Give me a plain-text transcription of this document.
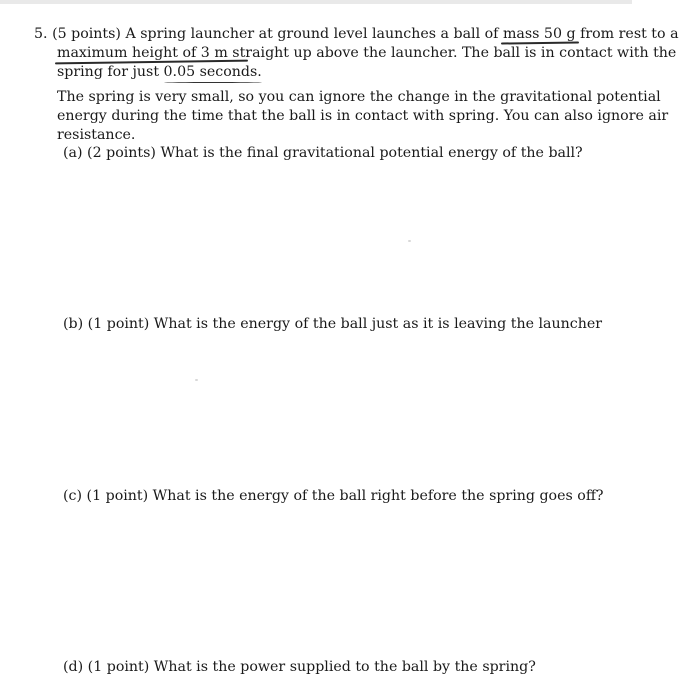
5. (5 points) A spring launcher at ground level launches a ball of mass 50 g from rest to a
maximum height of 3 m straight up above the launcher. The ball is in contact with the
spring for just 0.05 seconds.
The spring is very small, so you can ignore the change in the gravitational potential
energy during the time that the ball is in contact with spring. You can also ignore air
resistance.
(a) (2 points) What is the final gravitational potential energy of the ball?
(b) (1 point) What is the energy of the ball just as it is leaving the launcher
(c) (1 point) What is the energy of the ball right before the spring goes off?
(d) (1 point) What is the power supplied to the ball by the spring?
